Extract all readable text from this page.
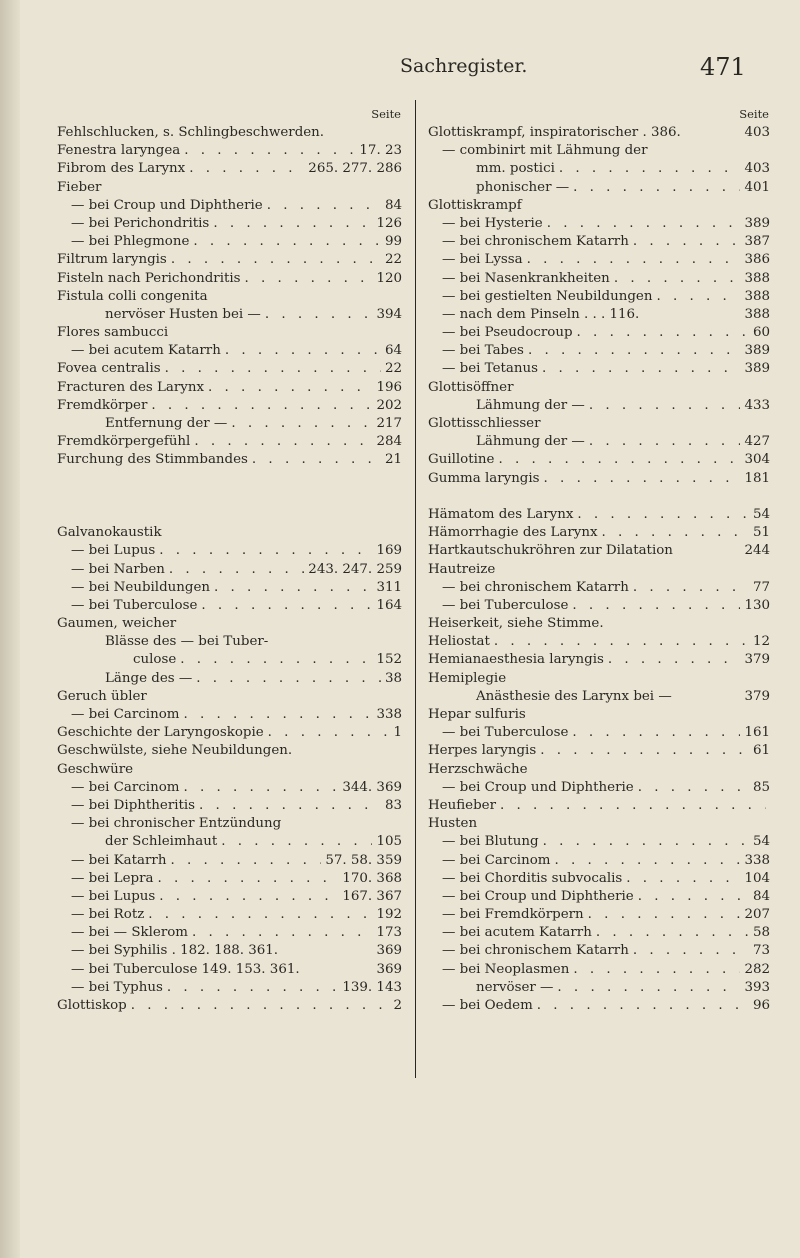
Sachregister.	471
Seite
Fehlschlucken, s. Schlingbeschwerden.
Fenestra laryngea . . .	17. 23
Fibrom des Larynx . . .	265. 277. 286
Fieber
— bei Croup und Diphtherie . . .	84
— bei Perichondritis . . .	126
— bei Phlegmone . . .	99
Filtrum laryngis . . .	22
Fisteln nach Perichondritis . . .	120
Fistula colli congenita
nervöser Husten bei — . . .	394
Flores sambucci
— bei acutem Katarrh . . .	64
Fovea centralis . . .	22
Fracturen des Larynx . . .	196
Fremdkörper . . .	202
Entfernung der — . . .	217
Fremdkörpergefühl . . .	284
Furchung des Stimmbandes . . .	21
Galvanokaustik
— bei Lupus . . .	169
— bei Narben . . .	243. 247. 259
— bei Neubildungen . . .	311
— bei Tuberculose . . .	164
Gaumen, weicher
Blässe des — bei Tuber-
culose . . .	152
Länge des — . . .	38
Geruch übler
— bei Carcinom . . .	338
Geschichte der Laryngoskopie . . .	1
Geschwülste, siehe Neubildungen.
Geschwüre
— bei Carcinom . . .	344. 369
— bei Diphtheritis . . .	83
— bei chronischer Entzündung
der Schleimhaut . . .	105
— bei Katarrh . . .	57. 58. 359
— bei Lepra . . .	170. 368
— bei Lupus . . .	167. 367
— bei Rotz . . .	192
— bei — Sklerom . . .	173
— bei Syphilis . 182. 188. 361.	369
— bei Tuberculose 149. 153. 361.	369
— bei Typhus . . .	139. 143
Glottiskop . . .	2
Seite
Glottiskrampf, inspiratorischer . 386.	403
— combinirt mit Lähmung der
mm. postici . . .	403
phonischer — . . .	401
Glottiskrampf
— bei Hysterie . . .	389
— bei chronischem Katarrh . . .	387
— bei Lyssa . . .	386
— bei Nasenkrankheiten . . .	388
— bei gestielten Neubildungen . . .	388
— nach dem Pinseln . . . 116.	388
— bei Pseudocroup . . .	60
— bei Tabes . . .	389
— bei Tetanus . . .	389
Glottisöffner
Lähmung der — . . .	433
Glottisschliesser
Lähmung der — . . .	427
Guillotine . . .	304
Gumma laryngis . . .	181
Hämatom des Larynx . . .	54
Hämorrhagie des Larynx . . .	51
Hartkautschukröhren zur Dilatation	244
Hautreize
— bei chronischem Katarrh . . .	77
— bei Tuberculose . . .	130
Heiserkeit, siehe Stimme.
Heliostat . . .	12
Hemianaesthesia laryngis . . .	379
Hemiplegie
Anästhesie des Larynx bei —	379
Hepar sulfuris
— bei Tuberculose . . .	161
Herpes laryngis . . .	61
Herzschwäche
— bei Croup und Diphtherie . . .	85
Heufieber
. . .
Husten
— bei Blutung . . .	54
— bei Carcinom . . .	338
— bei Chorditis subvocalis . . .	104
— bei Croup und Diphtherie . . .	84
— bei Fremdkörpern . . .	207
— bei acutem Katarrh . . .	58
— bei chronischem Katarrh . . .	73
— bei Neoplasmen . . .	282
nervöser — . . .	393
— bei Oedem . . .	96
